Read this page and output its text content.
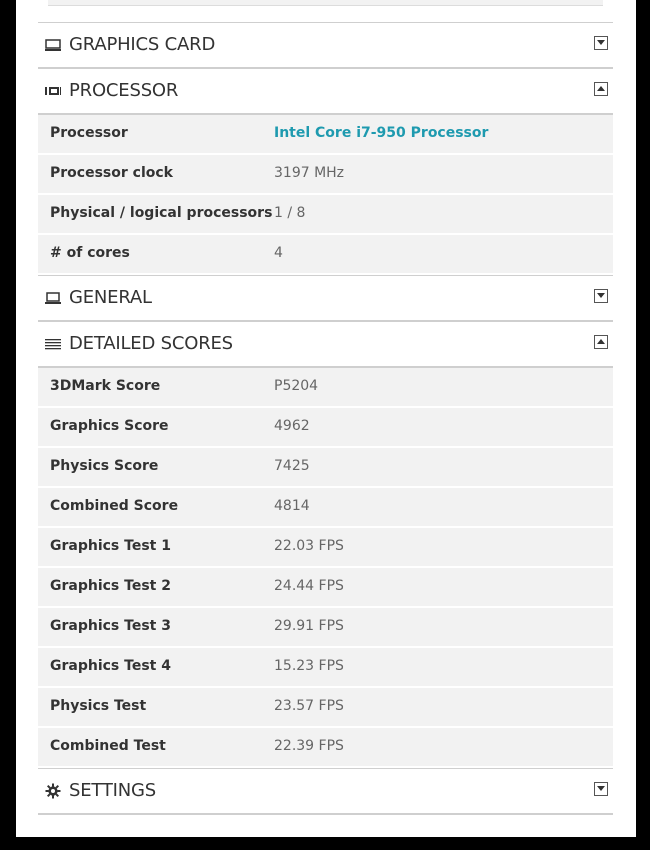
GRAPHICS CARD
PROCESSOR
Processor	Intel Core i7-950 Processor
Processor clock	3197 MHz
Physical / logical processors 1 / 8
# of cores	4
GENERAL
DETAILED SCORES
3DMark Score	P5204
Graphics Score	4962
Physics Score	7425
Combined Score	4814
Graphics Test 1	22.03 FPS
Graphics Test 2	24.44 FPS
Graphics Test 3	29.91 FPS
Graphics Test 4	15.23 FPS
Physics Test	23.57 FPS
Combined Test	22.39 FPS
SETTINGS
